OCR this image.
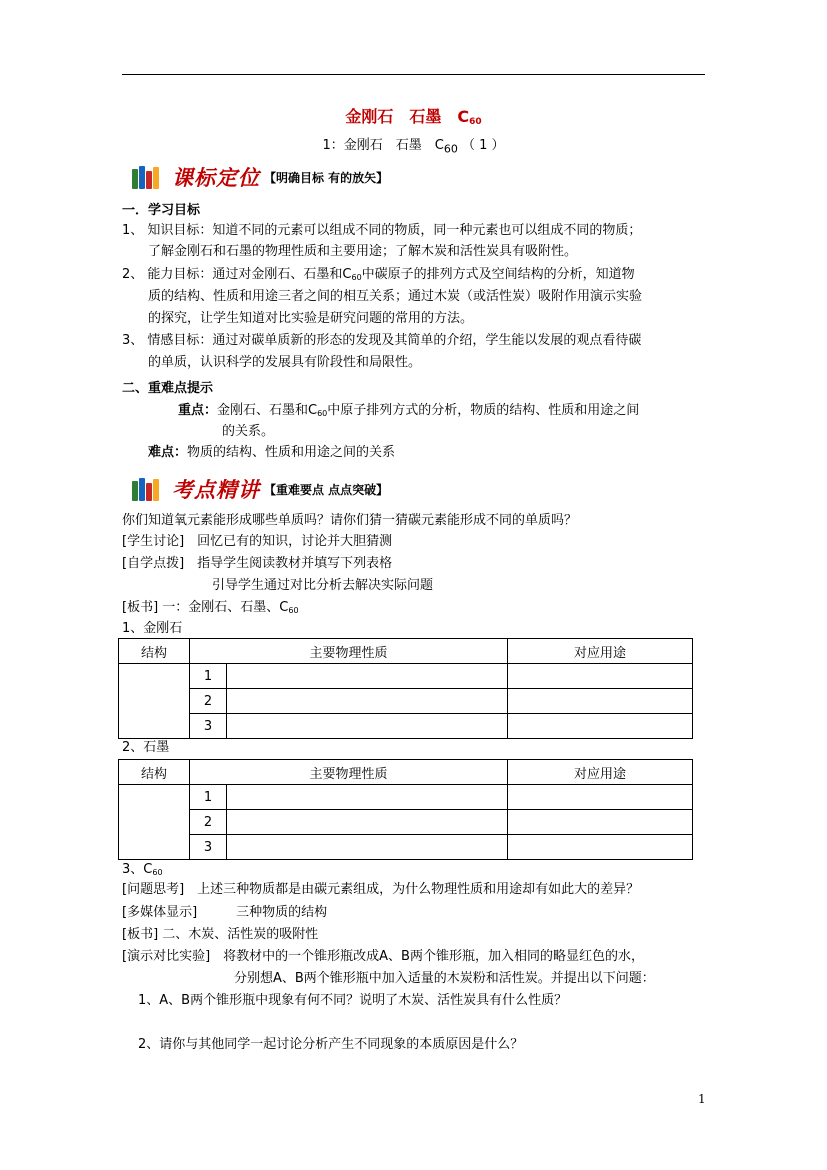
金刚石　石墨　$C_{60}$
1：金刚石　石墨　$C_{60}$ （ 1 ）
课标定位 【明确目标 有的放矢】
一．学习目标
1、 知识目标：知道不同的元素可以组成不同的物质，同一种元素也可以组成不同的物质；
了解金刚石和石墨的物理性质和主要用途；了解木炭和活性炭具有吸附性。
2、 能力目标：通过对金刚石、石墨和$C_{60}$中碳原子的排列方式及空间结构的分析，知道物
质的结构、性质和用途三者之间的相互关系；通过木炭（或活性炭）吸附作用演示实验
的探究，让学生知道对比实验是研究问题的常用的方法。
3、 情感目标：通过对碳单质新的形态的发现及其简单的介绍，学生能以发展的观点看待碳
的单质，认识科学的发展具有阶段性和局限性。
二、重难点提示
重点：金刚石、石墨和$C_{60}$中原子排列方式的分析，物质的结构、性质和用途之间
的关系。
难点：物质的结构、性质和用途之间的关系
考点精讲 【重难要点 点点突破】
你们知道氧元素能形成哪些单质吗？请你们猜一猜碳元素能形成不同的单质吗？
[学生讨论]　回忆已有的知识，讨论并大胆猜测
[自学点拨]　指导学生阅读教材并填写下列表格
引导学生通过对比分析去解决实际问题
[板书] 一：金刚石、石墨、$C_{60}$
1、金刚石
结构	主要物理性质		对应用途
	1		
	2		
	3		
2、石墨
结构	主要物理性质		对应用途
	1		
	2		
	3		
3、$C_{60}$
[问题思考]　上述三种物质都是由碳元素组成，为什么物理性质和用途却有如此大的差异？
[多媒体显示]　　　三种物质的结构
[板书] 二、木炭、活性炭的吸附性
[演示对比实验]　将教材中的一个锥形瓶改成A、B两个锥形瓶，加入相同的略显红色的水，
分别想A、B两个锥形瓶中加入适量的木炭粉和活性炭。并提出以下问题：
1、A、B两个锥形瓶中现象有何不同？说明了木炭、活性炭具有什么性质？
2、请你与其他同学一起讨论分析产生不同现象的本质原因是什么？
1
